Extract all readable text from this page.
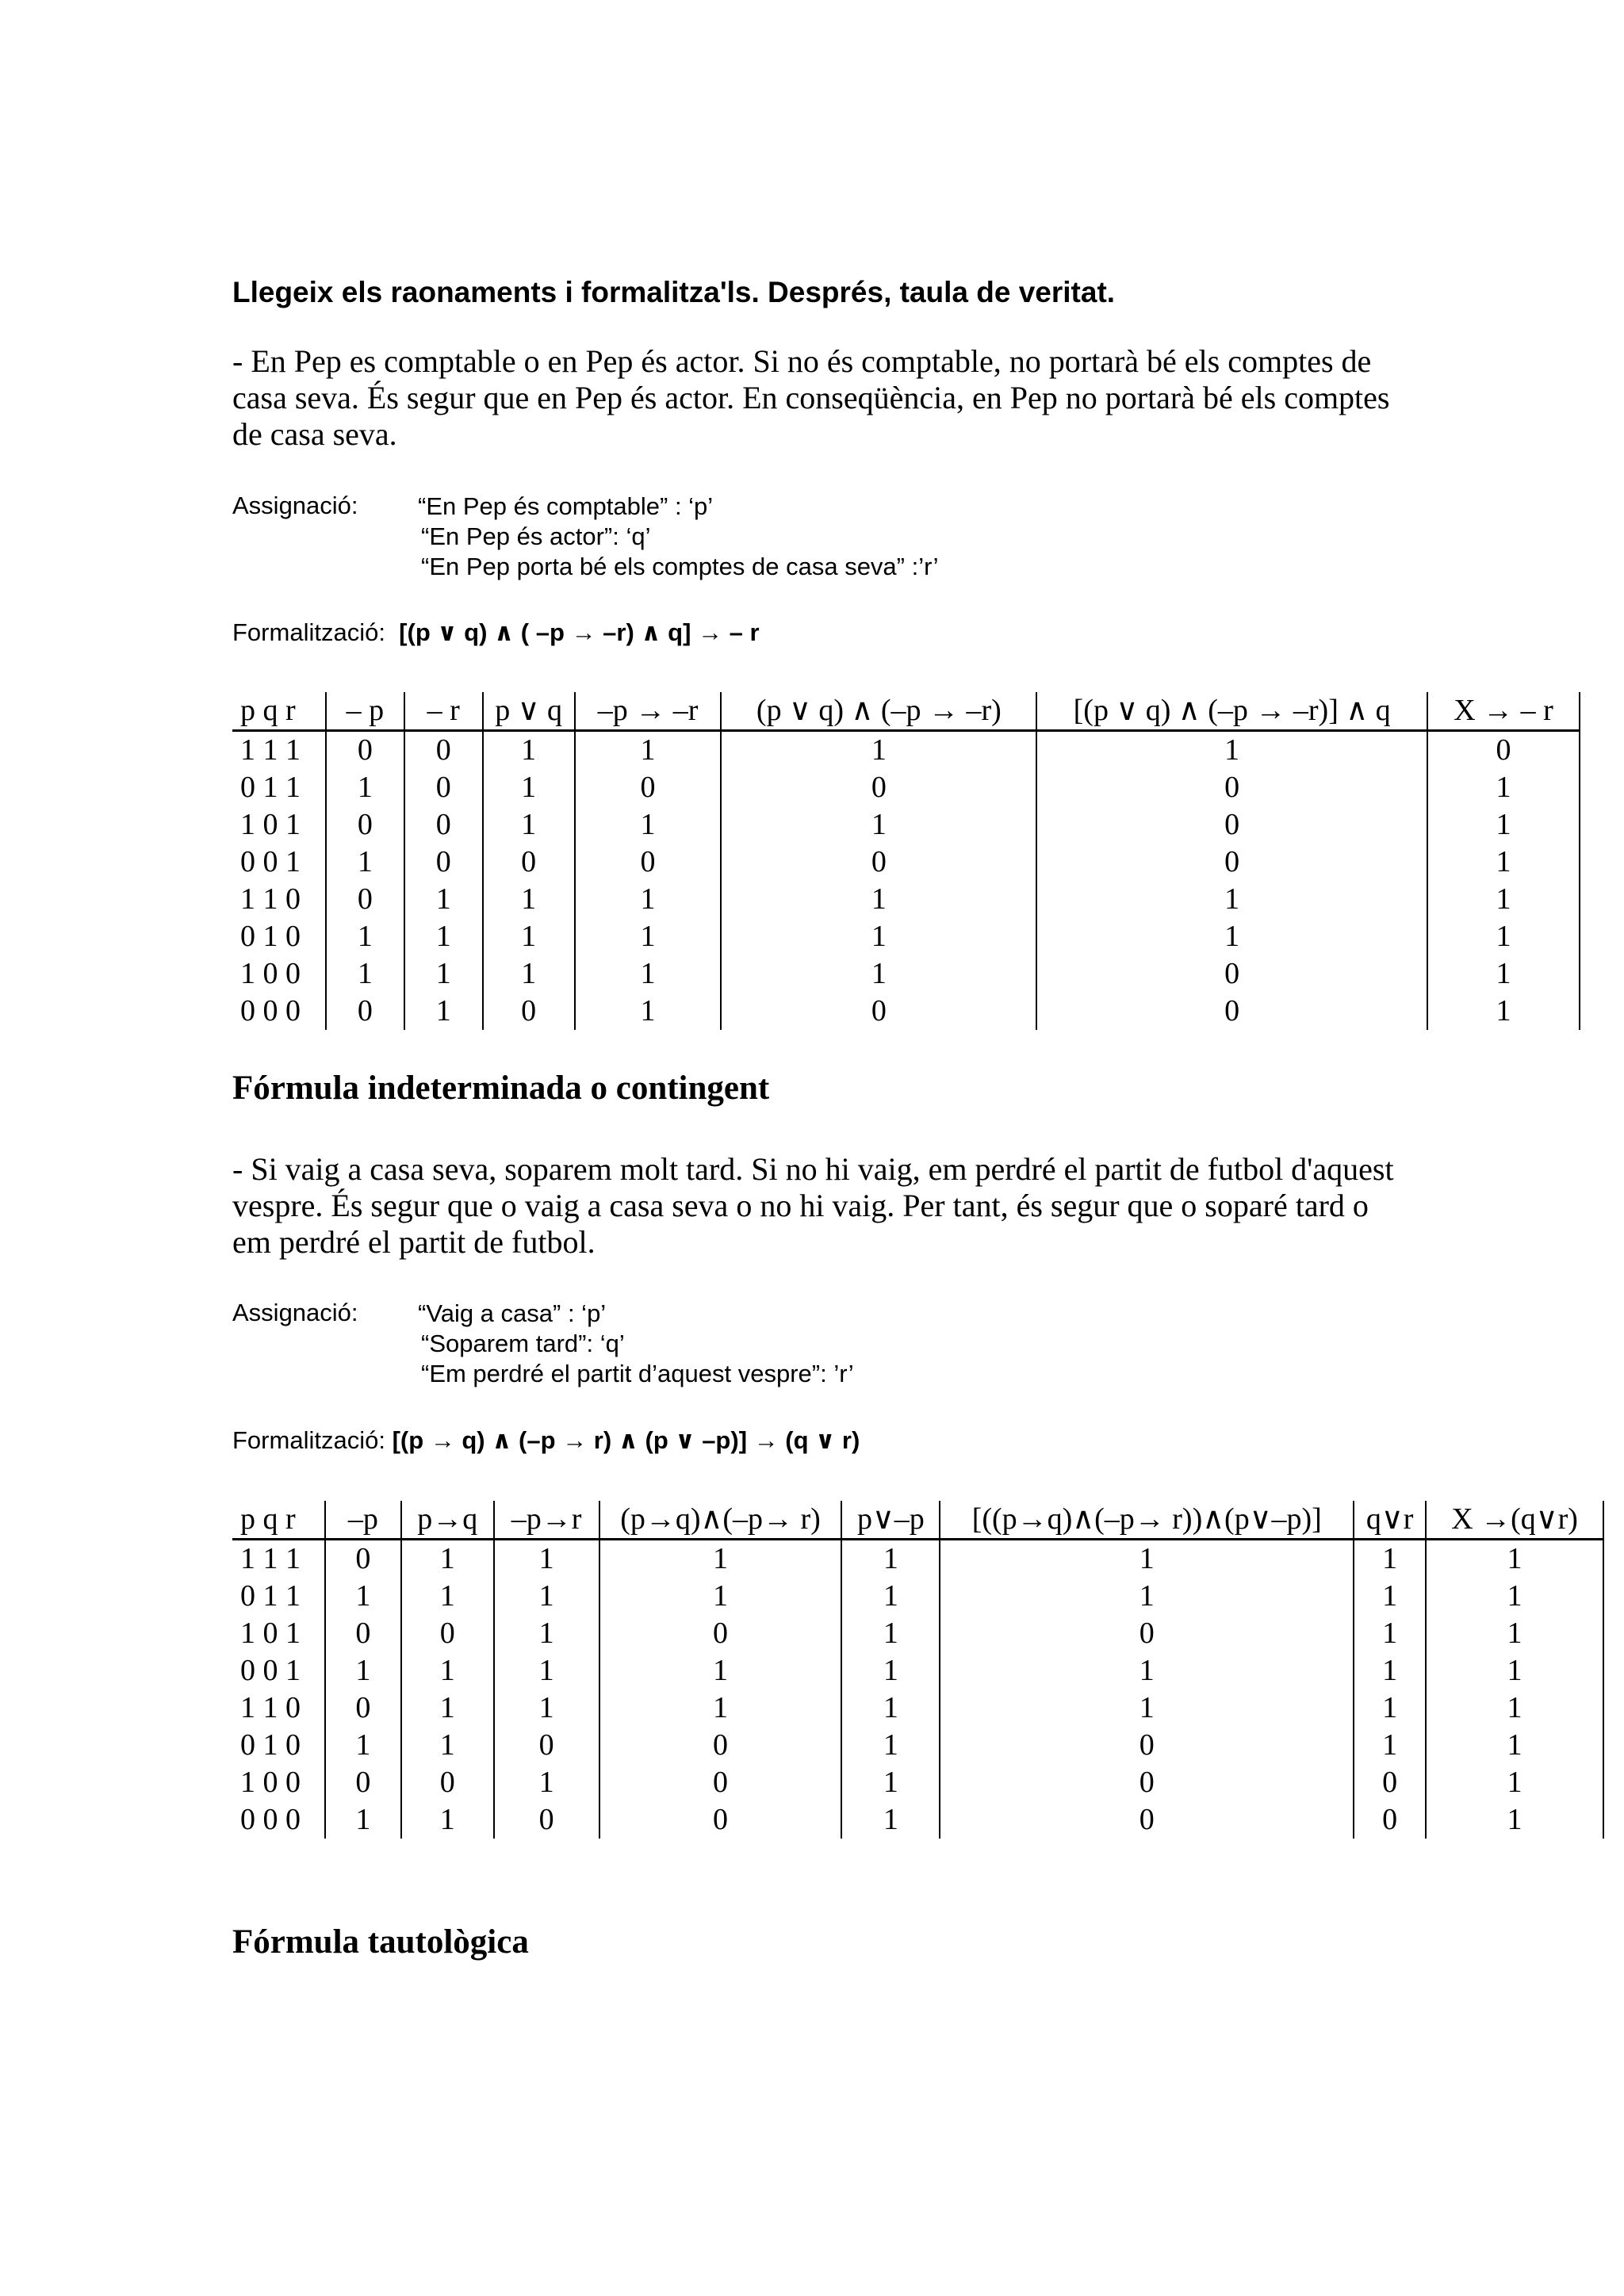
Llegeix els raonaments i formalitza'ls. Després, taula de veritat.
- En Pep es comptable o en Pep és actor. Si no és comptable, no portarà bé els comptes de casa seva. És segur que en Pep és actor. En conseqüència, en Pep no portarà bé els comptes de casa seva.
Assignació: “En Pep és comptable” : ‘p’
“En Pep és actor”: ‘q’
“En Pep porta bé els comptes de casa seva” :’r’
Formalització: [(p ∨ q) ∧ ( –p → –r) ∧ q] → – r
p q r	– p	– r	p ∨ q	–p → –r	(p ∨ q) ∧ (–p → –r)	[(p ∨ q) ∧ (–p → –r)] ∧ q	X → – r
1 1 1	0	0	1	1	1	1	0
0 1 1	1	0	1	0	0	0	1
1 0 1	0	0	1	1	1	0	1
0 0 1	1	0	0	0	0	0	1
1 1 0	0	1	1	1	1	1	1
0 1 0	1	1	1	1	1	1	1
1 0 0	1	1	1	1	1	0	1
0 0 0	0	1	0	1	0	0	1
Fórmula indeterminada o contingent
- Si vaig a casa seva, soparem molt tard. Si no hi vaig, em perdré el partit de futbol d'aquest vespre. És segur que o vaig a casa seva o no hi vaig. Per tant, és segur que o soparé tard o em perdré el partit de futbol.
Assignació: “Vaig a casa” : ‘p’
“Soparem tard”: ‘q’
“Em perdré el partit d’aquest vespre”: ’r’
Formalització: [(p → q) ∧ (–p → r) ∧ (p ∨ –p)] → (q ∨ r)
p q r	–p	p→q	–p→r	(p→q)∧(–p→ r)	p∨–p	[((p→q)∧(–p→ r))∧(p∨–p)]	q∨r	X →(q∨r)
1 1 1	0	1	1	1	1	1	1	1
0 1 1	1	1	1	1	1	1	1	1
1 0 1	0	0	1	0	1	0	1	1
0 0 1	1	1	1	1	1	1	1	1
1 1 0	0	1	1	1	1	1	1	1
0 1 0	1	1	0	0	1	0	1	1
1 0 0	0	0	1	0	1	0	0	1
0 0 0	1	1	0	0	1	0	0	1
Fórmula tautològica
